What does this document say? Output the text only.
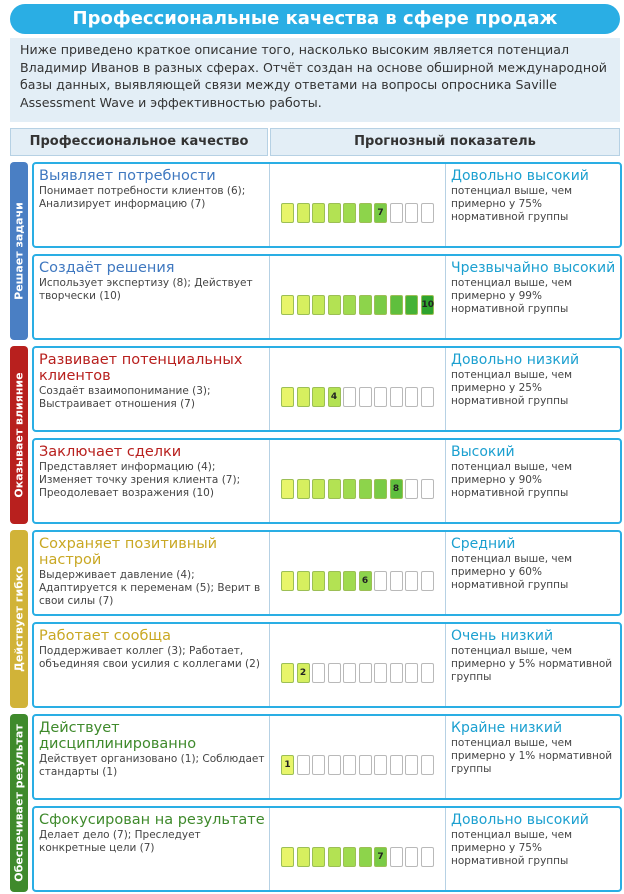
Профессиональные качества в сфере продаж
Ниже приведено краткое описание того, насколько высоким является потенциал Владимир Иванов в разных сферах. Отчёт создан на основе обширной международной базы данных, выявляющей связи между ответами на вопросы опросника Saville Assessment Wave и эффективностью работы.
Профессиональное качество	Прогнозный показатель
Решает задачи
Оказывает влияние
Действует гибко
Обеспечивает результат
Выявляет потребности
Понимает потребности клиентов (6); Анализирует информацию (7)
7
Довольно высокий
потенциал выше, чем примерно у 75% нормативной группы
Создаёт решения
Использует экспертизу (8); Действует творчески (10)
10
Чрезвычайно высокий
потенциал выше, чем примерно у 99% нормативной группы
Развивает потенциальных клиентов
Создаёт взаимопонимание (3); Выстраивает отношения (7)
4
Довольно низкий
потенциал выше, чем примерно у 25% нормативной группы
Заключает сделки
Представляет информацию (4); Изменяет точку зрения клиента (7); Преодолевает возражения (10)	8
Высокий
потенциал выше, чем примерно у 90% нормативной группы
Сохраняет позитивный настрой
Выдерживает давление (4); Адаптируется к переменам (5); Верит в свои силы (7)
6
Средний
потенциал выше, чем примерно у 60% нормативной группы
Работает сообща
Поддерживает коллег (3); Работает, объединяя свои усилия с коллегами (2)
2
Очень низкий
потенциал выше, чем примерно у 5% нормативной группы
Действует дисциплинированно
Действует организовано (1); Соблюдает стандарты (1)
1
Крайне низкий
потенциал выше, чем примерно у 1% нормативной группы
Сфокусирован на результате
Делает дело (7); Преследует конкретные цели (7)
7
Довольно высокий
потенциал выше, чем примерно у 75% нормативной группы
